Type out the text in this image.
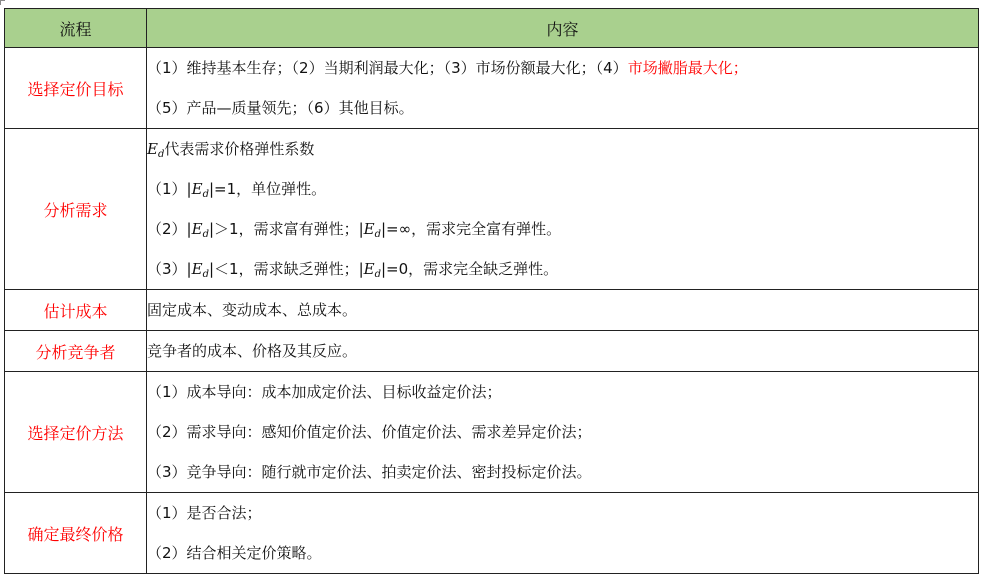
流程	内容
选择定价目标	（1）维持基本生存；（2）当期利润最大化；（3）市场份额最大化；（4）市场撇脂最大化；
（5）产品—质量领先；（6）其他目标。

分析需求	$E_d$代表需求价格弹性系数
$(1)|E_d|=1$，单位弹性。
$(2)|E_d|>1$，需求富有弹性；$|E_d|=\infty$，需求完全富有弹性。
$(3)|E_d|<1$，需求缺乏弹性；$|E_d|=0$，需求完全缺乏弹性。

估计成本	固定成本、变动成本、总成本。

分析竞争者	竞争者的成本、价格及其反应。

选择定价方法	（1）成本导向：成本加成定价法、目标收益定价法；
（2）需求导向：感知价值定价法、价值定价法、需求差异定价法；
（3）竞争导向：随行就市定价法、拍卖定价法、密封投标定价法。

确定最终价格	（1）是否合法；
（2）结合相关定价策略。
